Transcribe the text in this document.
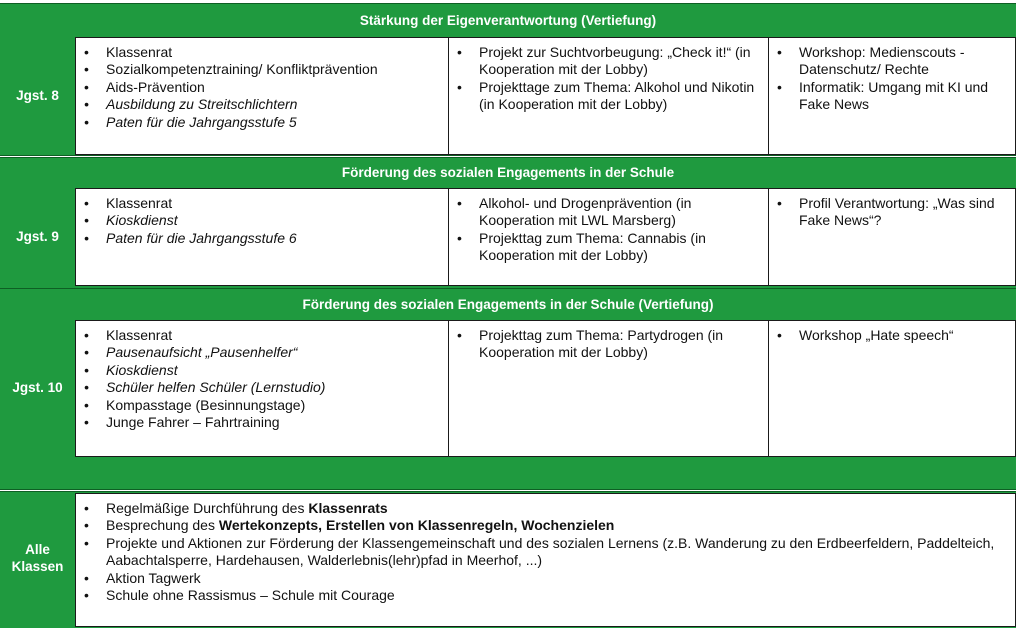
Stärkung der Eigenverantwortung (Vertiefung)
Jgst. 8
• Klassenrat
• Sozialkompetenztraining/ Konfliktprävention
• Aids-Prävention
• Ausbildung zu Streitschlichtern
• Paten für die Jahrgangsstufe 5
• Projekt zur Suchtvorbeugung: „Check it!“ (in Kooperation mit der Lobby)
• Projekttage zum Thema: Alkohol und Nikotin (in Kooperation mit der Lobby)
• Workshop: Medienscouts - Datenschutz/ Rechte
• Informatik: Umgang mit KI und Fake News
Förderung des sozialen Engagements in der Schule
Jgst. 9
• Klassenrat
• Kioskdienst
• Paten für die Jahrgangsstufe 6
• Alkohol- und Drogenprävention (in Kooperation mit LWL Marsberg)
• Projekttag zum Thema: Cannabis (in Kooperation mit der Lobby)
• Profil Verantwortung: „Was sind Fake News“?
Förderung des sozialen Engagements in der Schule (Vertiefung)
Jgst. 10
• Klassenrat
• Pausenaufsicht „Pausenhelfer“
• Kioskdienst
• Schüler helfen Schüler (Lernstudio)
• Kompasstage (Besinnungstage)
• Junge Fahrer – Fahrtraining
• Projekttag zum Thema: Partydrogen (in Kooperation mit der Lobby)
• Workshop „Hate speech“
Alle Klassen
• Regelmäßige Durchführung des Klassenrats
• Besprechung des Wertekonzepts, Erstellen von Klassenregeln, Wochenzielen
• Projekte und Aktionen zur Förderung der Klassengemeinschaft und des sozialen Lernens (z.B. Wanderung zu den Erdbeerfeldern, Paddelteich, Aabachtalsperre, Hardehausen, Walderlebnis(lehr)pfad in Meerhof, ...)
• Aktion Tagwerk
• Schule ohne Rassismus – Schule mit Courage
